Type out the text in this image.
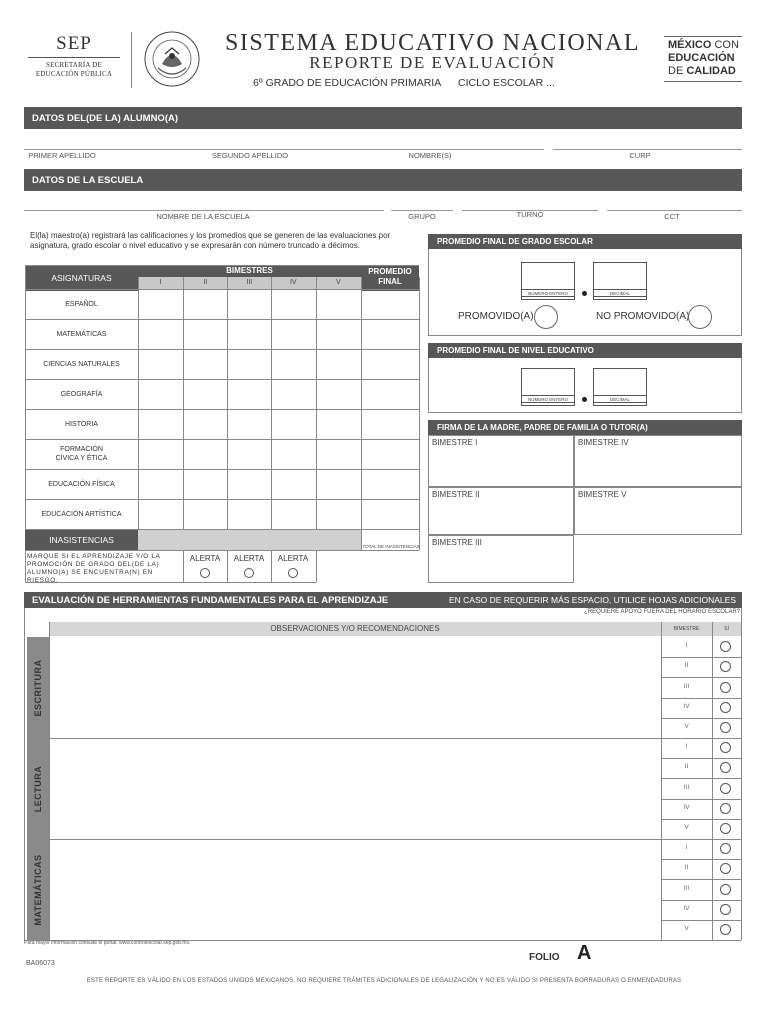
SEP
SECRETARÍA DE
EDUCACIÓN PÚBLICA
SISTEMA EDUCATIVO NACIONAL
REPORTE DE EVALUACIÓN
6º GRADO DE EDUCACIÓN PRIMARIA CICLO ESCOLAR ...
MÉXICO CON
EDUCACIÓN
DE CALIDAD
DATOS DEL(DE LA) ALUMNO(A)
PRIMER APELLIDO	SEGUNDO APELLIDO	NOMBRE(S)	CURP
DATOS DE LA ESCUELA
NOMBRE DE LA ESCUELA	GRUPO	TURNO	CCT
El(la) maestro(a) registrará las calificaciones y los promedios que se generen de las evaluaciones por asignatura, grado escolar o nivel educativo y se expresarán con número truncado a décimos.
ASIGNATURAS
BIMESTRES	PROMEDIO
FINAL
I	II	III	IV	V
ESPAÑOL
MATEMÁTICAS
CIENCIAS NATURALES
GEOGRAFÍA
HISTORIA
FORMACIÓN
CÍVICA Y ÉTICA
EDUCACIÓN FÍSICA
EDUCACIÓN ARTÍSTICA
INASISTENCIAS
TOTAL DE INASISTENCIAS
MARQUE SI EL APRENDIZAJE Y/O LA PROMOCIÓN DE GRADO DEL(DE LA) ALUMNO(A) SE ENCUENTRA(N) EN RIESGO.
ALERTA	ALERTA	ALERTA
PROMEDIO FINAL DE GRADO ESCOLAR
NÚMERO ENTERO	DECIMAL
PROMOVIDO(A)	NO PROMOVIDO(A)
PROMEDIO FINAL DE NIVEL EDUCATIVO
NÚMERO ENTERO	DECIMAL
FIRMA DE LA MADRE, PADRE DE FAMILIA O TUTOR(A)
BIMESTRE I	BIMESTRE IV
BIMESTRE II	BIMESTRE V
BIMESTRE III
EVALUACIÓN DE HERRAMIENTAS FUNDAMENTALES PARA EL APRENDIZAJE	EN CASO DE REQUERIR MÁS ESPACIO, UTILICE HOJAS ADICIONALES
¿REQUIERE APOYO FUERA DEL HORARIO ESCOLAR?
OBSERVACIONES Y/O RECOMENDACIONES	BIMESTRE	SÍ
ESCRITURA
I
II
III
IV
V
LECTURA
I
II
III
IV
V
MATEMÁTICAS
I
II
III
IV
V
Para mayor información consulte el portal: www.controlescolar.sep.gob.mx.
FOLIO A
BA06073
ESTE REPORTE ES VÁLIDO EN LOS ESTADOS UNIDOS MEXICANOS, NO REQUIERE TRÁMITES ADICIONALES DE LEGALIZACIÓN Y NO ES VÁLIDO SI PRESENTA BORRADURAS O ENMENDADURAS
